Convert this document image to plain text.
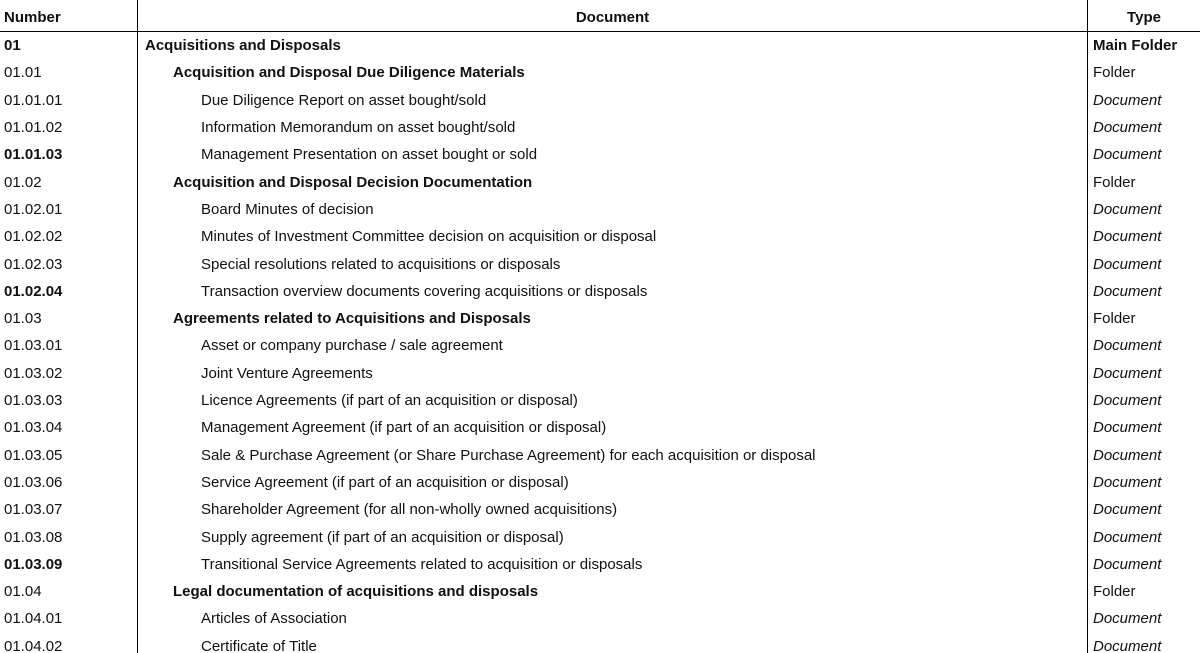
Number	Document	Type
01	Acquisitions and Disposals	Main Folder
01.01	Acquisition and Disposal Due Diligence Materials	Folder
01.01.01	Due Diligence Report on asset bought/sold	Document
01.01.02	Information Memorandum on asset bought/sold	Document
01.01.03	Management Presentation on asset bought or sold	Document
01.02	Acquisition and Disposal Decision Documentation	Folder
01.02.01	Board Minutes of decision	Document
01.02.02	Minutes of Investment Committee decision on acquisition or disposal	Document
01.02.03	Special resolutions related to acquisitions or disposals	Document
01.02.04	Transaction overview documents covering acquisitions or disposals	Document
01.03	Agreements related to Acquisitions and Disposals	Folder
01.03.01	Asset or company purchase / sale agreement	Document
01.03.02	Joint Venture Agreements	Document
01.03.03	Licence Agreements (if part of an acquisition or disposal)	Document
01.03.04	Management Agreement (if part of an acquisition or disposal)	Document
01.03.05	Sale & Purchase Agreement (or Share Purchase Agreement) for each acquisition or disposal	Document
01.03.06	Service Agreement (if part of an acquisition or disposal)	Document
01.03.07	Shareholder Agreement (for all non-wholly owned acquisitions)	Document
01.03.08	Supply agreement (if part of an acquisition or disposal)	Document
01.03.09	Transitional Service Agreements related to acquisition or disposals	Document
01.04	Legal documentation of acquisitions and disposals	Folder
01.04.01	Articles of Association	Document
01.04.02	Certificate of Title	Document
